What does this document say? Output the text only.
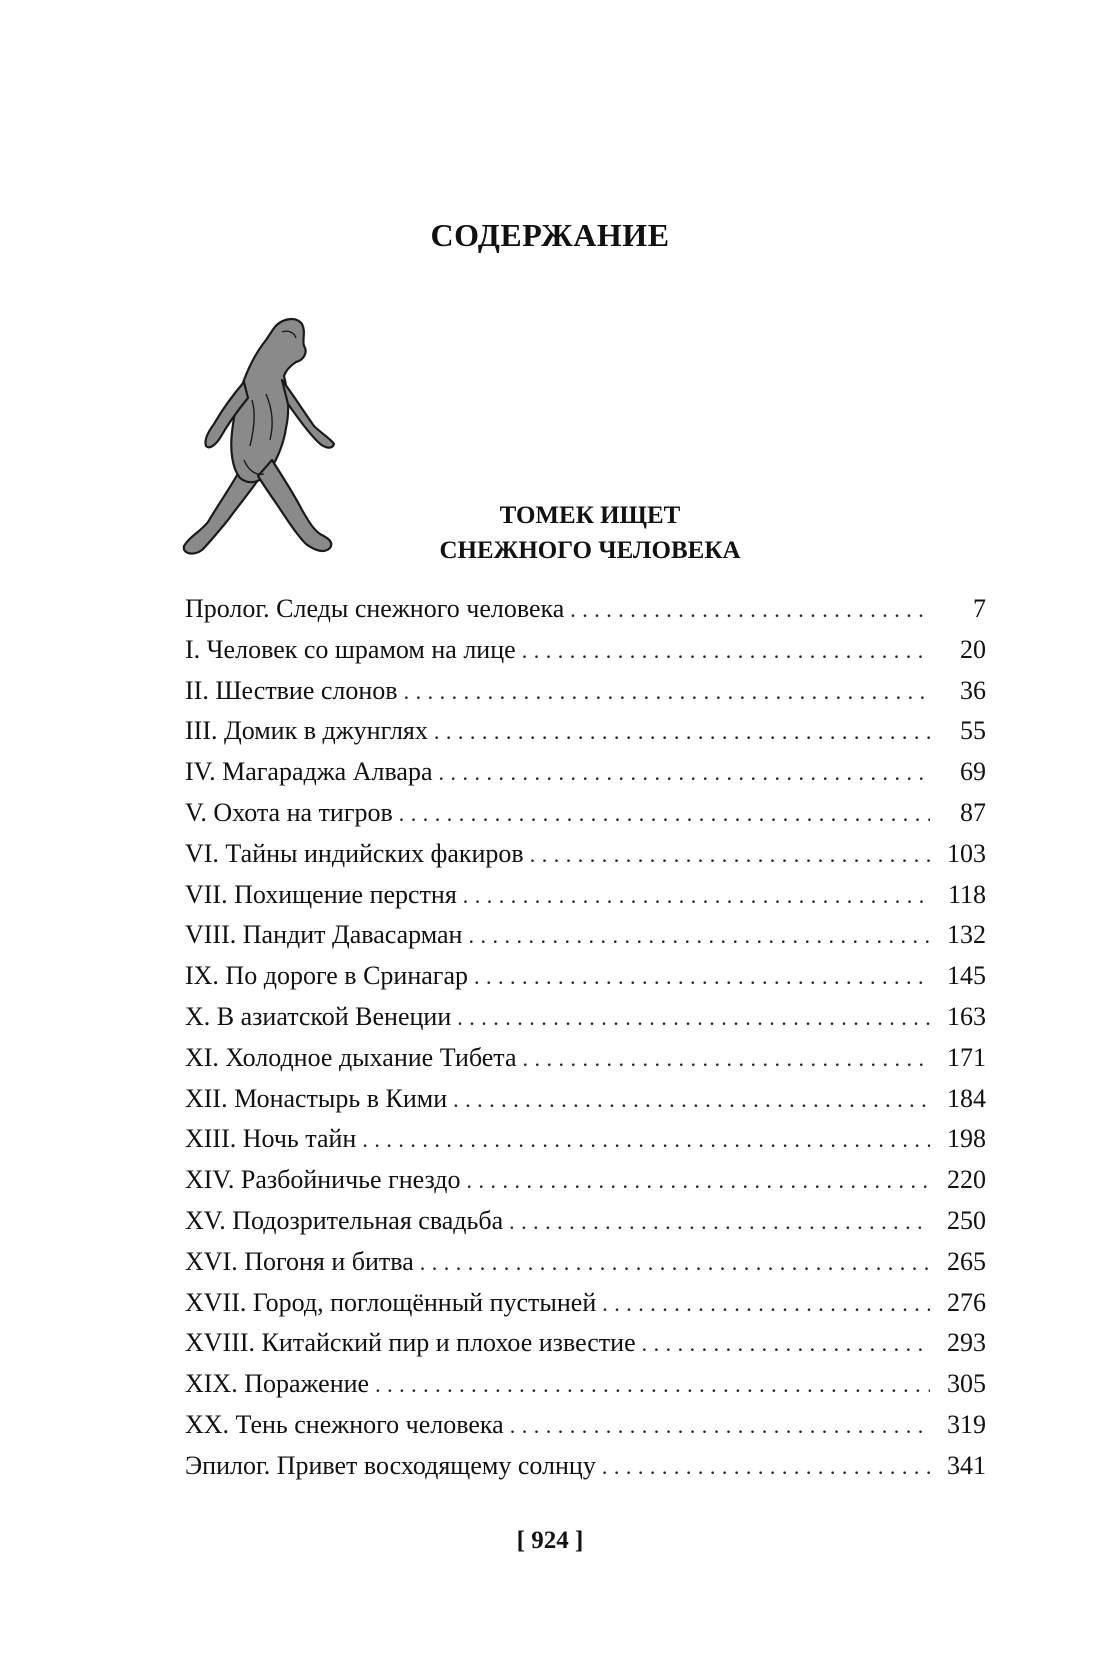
СОДЕРЖАНИЕ
ТОМЕК ИЩЕТ
СНЕЖНОГО ЧЕЛОВЕКА
Пролог. Следы снежного человека . . .	7
I. Человек со шрамом на лице . . .	20
II. Шествие слонов . . .	36
III. Домик в джунглях . . .	55
IV. Магараджа Алвара . . .	69
V. Охота на тигров . . .	87
VI. Тайны индийских факиров . . .	103
VII. Похищение перстня . . .	118
VIII. Пандит Давасарман . . .	132
IX. По дороге в Сринагар . . .	145
X. В азиатской Венеции . . .	163
XI. Холодное дыхание Тибета . . .	171
XII. Монастырь в Кими . . .	184
XIII. Ночь тайн . . .	198
XIV. Разбойничье гнездо . . .	220
XV. Подозрительная свадьба . . .	250
XVI. Погоня и битва . . .	265
XVII. Город, поглощённый пустыней . . .	276
XVIII. Китайский пир и плохое известие . . .	293
XIX. Поражение . . .	305
XX. Тень снежного человека . . .	319
Эпилог. Привет восходящему солнцу . . .	341
[ 924 ]
